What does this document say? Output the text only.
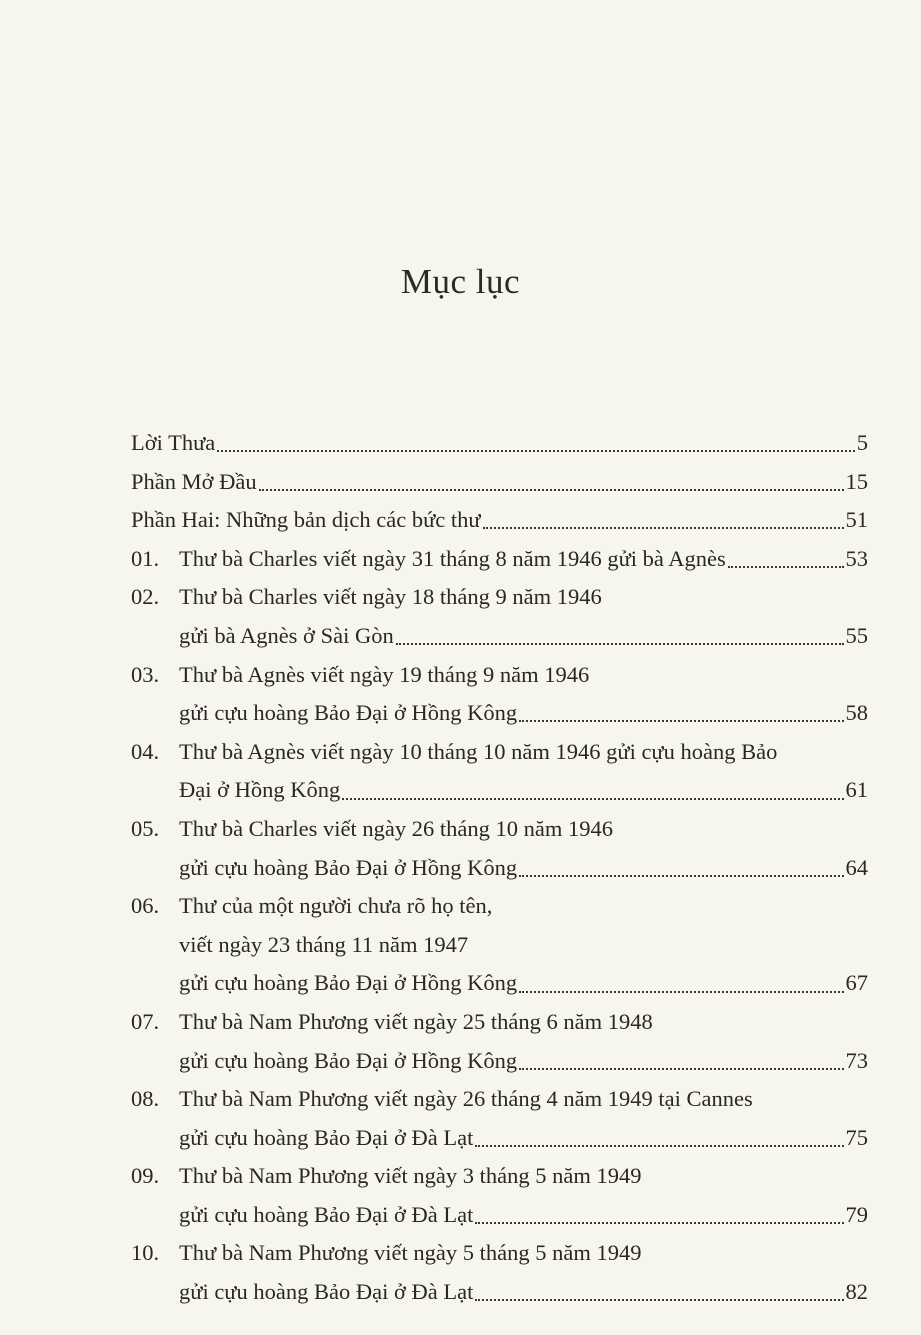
Mục lục
Lời Thưa	5
Phần Mở Đầu	15
Phần Hai: Những bản dịch các bức thư	51
01. Thư bà Charles viết ngày 31 tháng 8 năm 1946 gửi bà Agnès	53
02. Thư bà Charles viết ngày 18 tháng 9 năm 1946
gửi bà Agnès ở Sài Gòn	55
03. Thư bà Agnès viết ngày 19 tháng 9 năm 1946
gửi cựu hoàng Bảo Đại ở Hồng Kông	58
04. Thư bà Agnès viết ngày 10 tháng 10 năm 1946 gửi cựu hoàng Bảo
Đại ở Hồng Kông	61
05. Thư bà Charles viết ngày 26 tháng 10 năm 1946
gửi cựu hoàng Bảo Đại ở Hồng Kông	64
06. Thư của một người chưa rõ họ tên,
viết ngày 23 tháng 11 năm 1947
gửi cựu hoàng Bảo Đại ở Hồng Kông	67
07. Thư bà Nam Phương viết ngày 25 tháng 6 năm 1948
gửi cựu hoàng Bảo Đại ở Hồng Kông	73
08. Thư bà Nam Phương viết ngày 26 tháng 4 năm 1949 tại Cannes
gửi cựu hoàng Bảo Đại ở Đà Lạt	75
09. Thư bà Nam Phương viết ngày 3 tháng 5 năm 1949
gửi cựu hoàng Bảo Đại ở Đà Lạt	79
10. Thư bà Nam Phương viết ngày 5 tháng 5 năm 1949
gửi cựu hoàng Bảo Đại ở Đà Lạt	82
